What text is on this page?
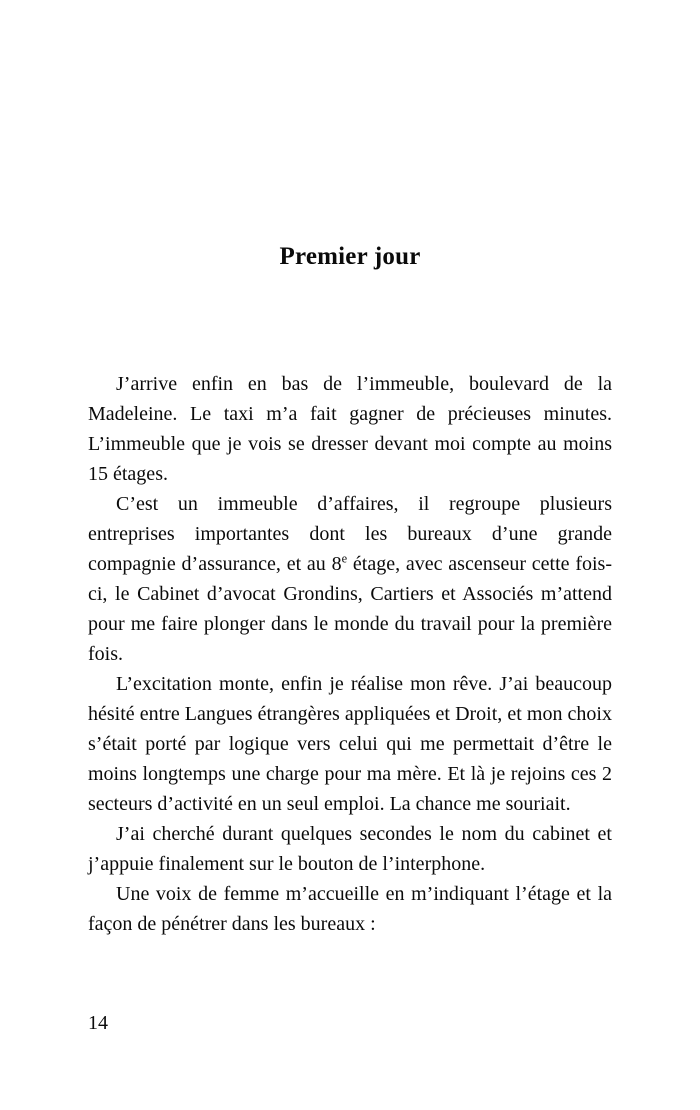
Premier jour

J’arrive enfin en bas de l’immeuble, boulevard de la Madeleine. Le taxi m’a fait gagner de précieuses minutes. L’immeuble que je vois se dresser devant moi compte au moins 15 étages.

C’est un immeuble d’affaires, il regroupe plusieurs entreprises importantes dont les bureaux d’une grande compagnie d’assurance, et au 8e étage, avec ascenseur cette fois-ci, le Cabinet d’avocat Grondins, Cartiers et Associés m’attend pour me faire plonger dans le monde du travail pour la première fois.

L’excitation monte, enfin je réalise mon rêve. J’ai beaucoup hésité entre Langues étrangères appliquées et Droit, et mon choix s’était porté par logique vers celui qui me permettait d’être le moins longtemps une charge pour ma mère. Et là je rejoins ces 2 secteurs d’activité en un seul emploi. La chance me souriait.

J’ai cherché durant quelques secondes le nom du cabinet et j’appuie finalement sur le bouton de l’interphone.

Une voix de femme m’accueille en m’indiquant l’étage et la façon de pénétrer dans les bureaux :

14
